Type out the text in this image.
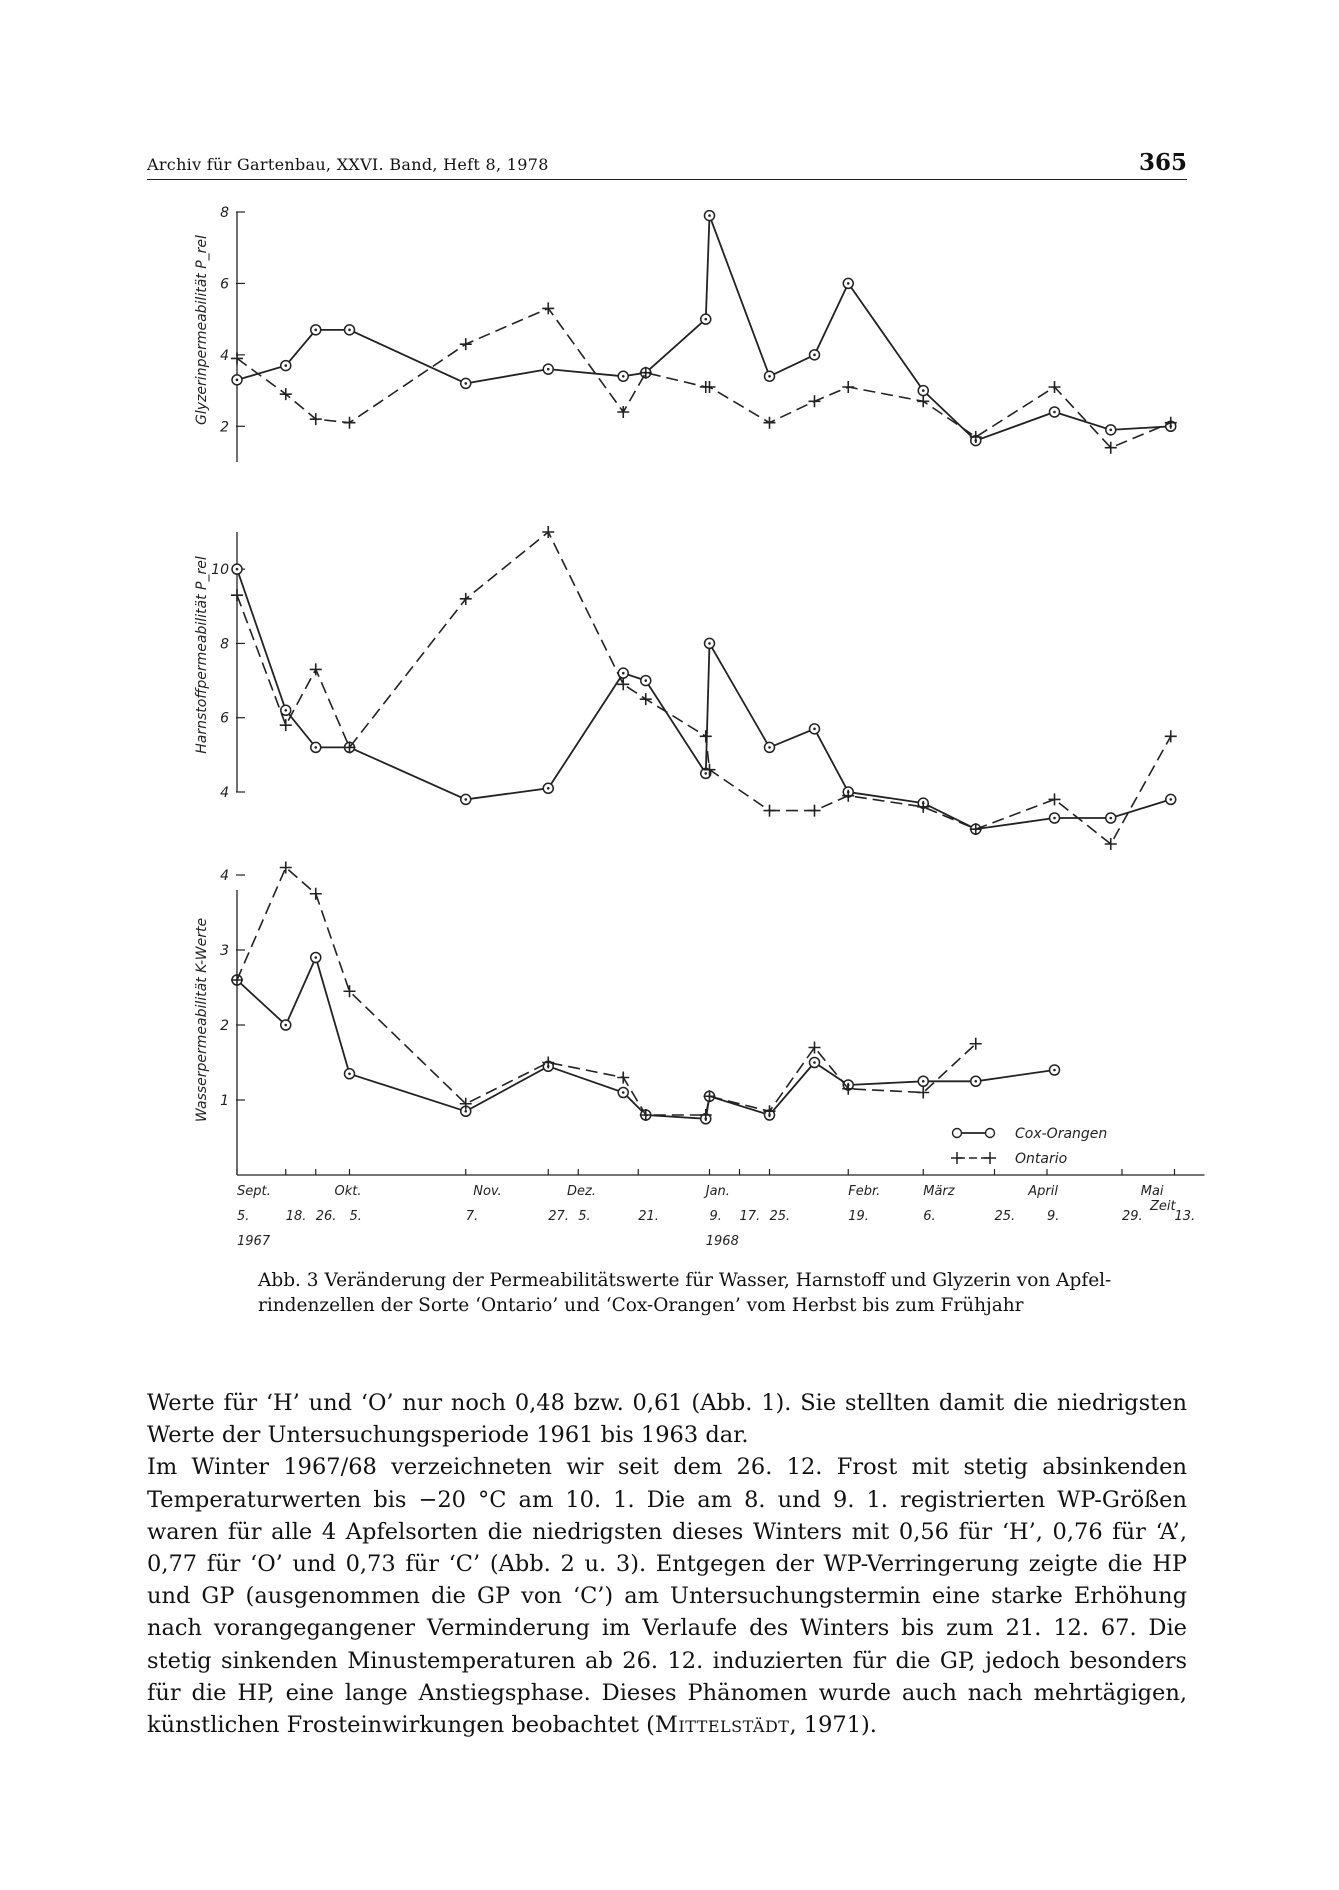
Archiv für Gartenbau, XXVI. Band, Heft 8, 1978	365
2
4
6
8
Glyzerinpermeabilität P_rel
4
6
8
10
Harnstoffpermeabilität P_rel
1
2
3
4
Wasserpermeabilität K-Werte
Sept.	Okt.	Nov.	Dez.	Jan.	Febr.	März	April	Mai
5.	18. 26. 5.	7.	27. 5.	21.	9. 17. 25.	19.	6.	25. 9.	29. 13.
1967	1968
Zeit
Cox-Orangen
Ontario
Abb. 3 Veränderung der Permeabilitätswerte für Wasser, Harnstoff und Glyzerin von Apfel-
rindenzellen der Sorte ‘Ontario’ und ‘Cox-Orangen’ vom Herbst bis zum Frühjahr

Werte für ‘H’ und ‘O’ nur noch 0,48 bzw. 0,61 (Abb. 1). Sie stellten damit die niedrigsten Werte der Untersuchungsperiode 1961 bis 1963 dar.

Im Winter 1967/68 verzeichneten wir seit dem 26. 12. Frost mit stetig absinkenden Temperaturwerten bis −20 °C am 10. 1. Die am 8. und 9. 1. registrierten WP-Größen waren für alle 4 Apfelsorten die niedrigsten dieses Winters mit 0,56 für ‘H’, 0,76 für ‘A’, 0,77 für ‘O’ und 0,73 für ‘C’ (Abb. 2 u. 3). Entgegen der WP-Verringerung zeigte die HP und GP (ausgenommen die GP von ‘C’) am Untersuchungstermin eine starke Erhöhung nach vorangegangener Verminderung im Verlaufe des Winters bis zum 21. 12. 67. Die stetig sinkenden Minustemperaturen ab 26. 12. induzierten für die GP, jedoch besonders für die HP, eine lange Anstiegsphase. Dieses Phänomen wurde auch nach mehrtägigen, künstlichen Frosteinwirkungen beobachtet (Mittelstädt, 1971).
